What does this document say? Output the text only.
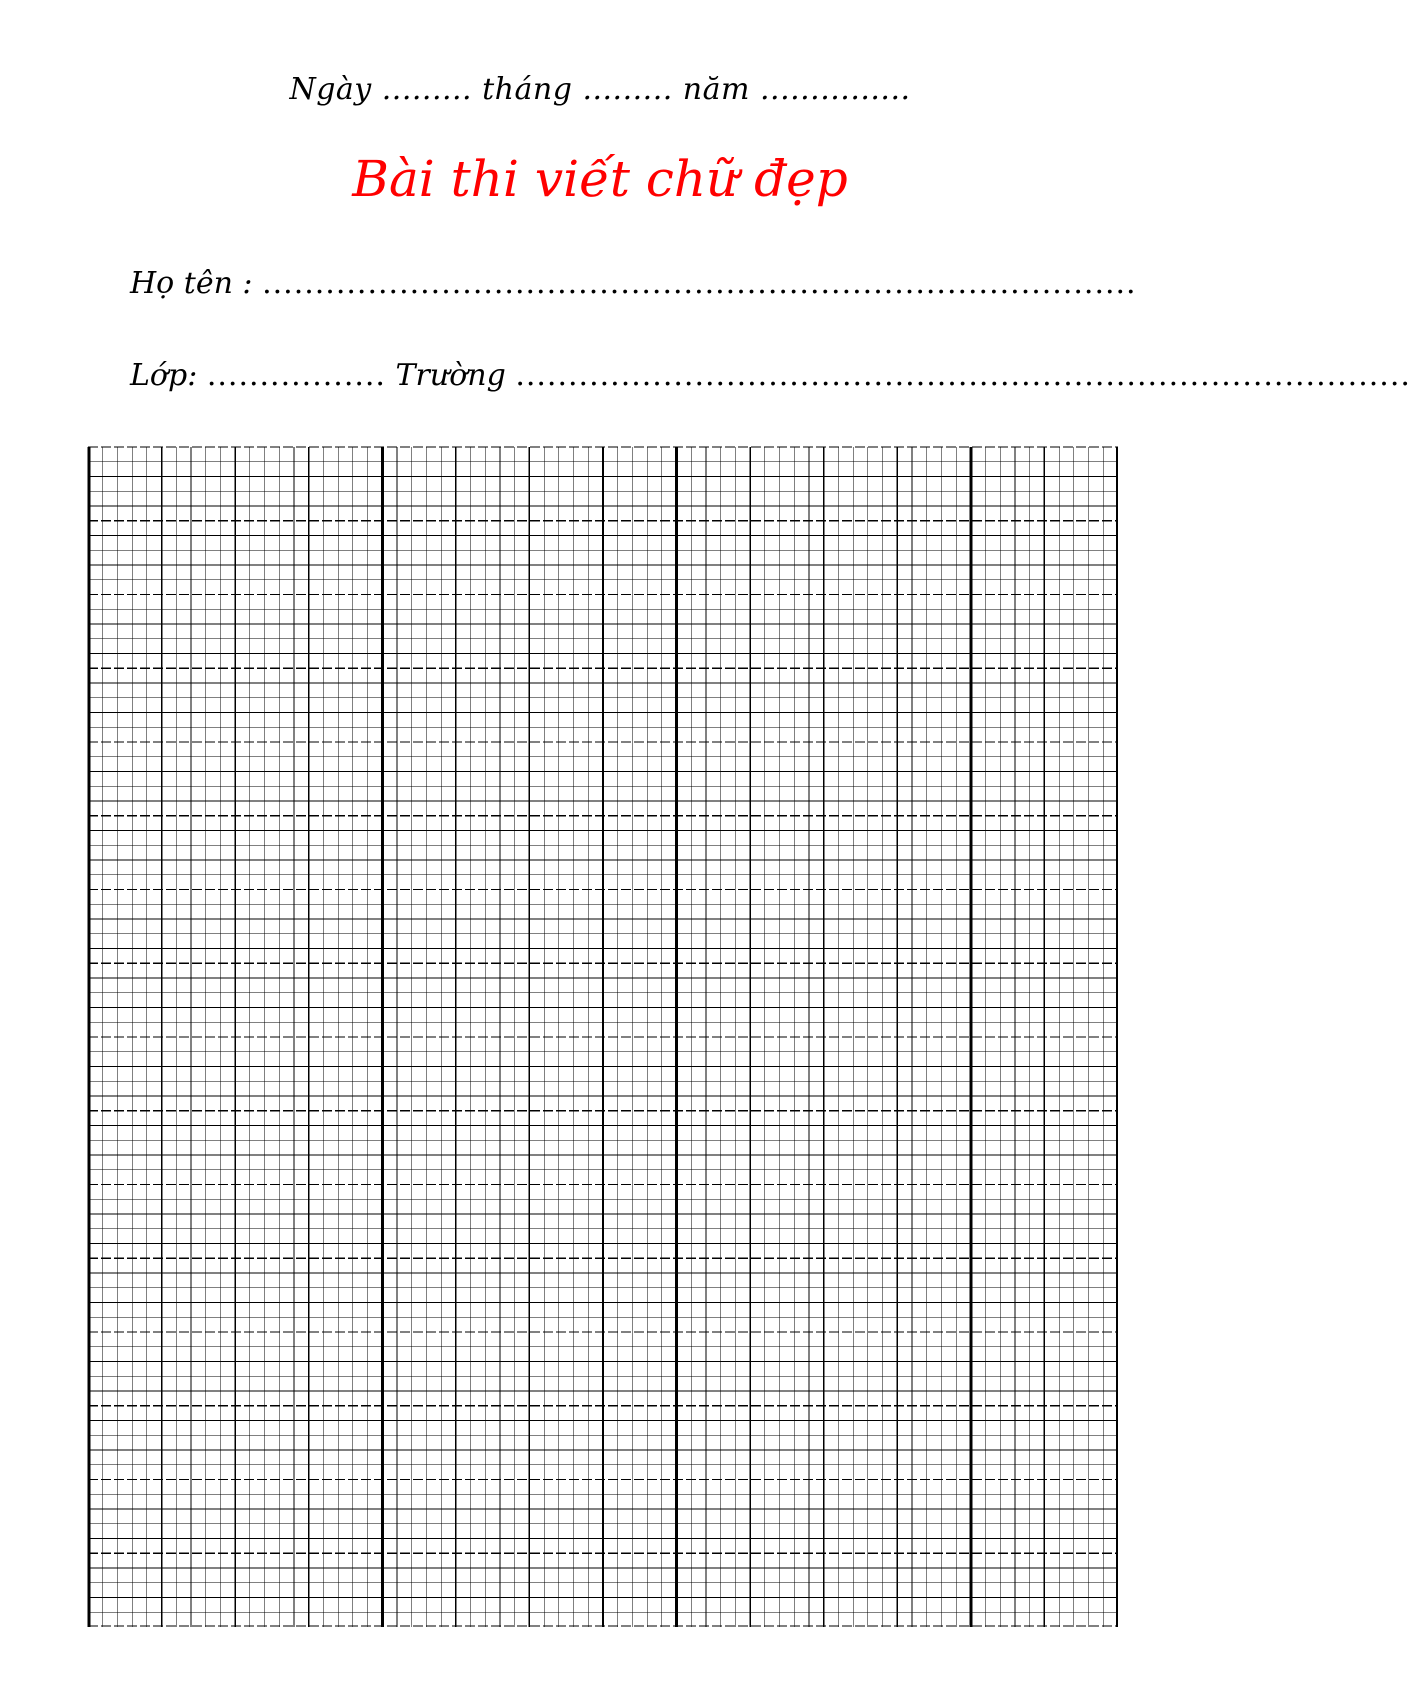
Ngày ......... tháng ......... năm ...............
Bài thi viết chữ đẹp
Họ tên : ...................................................................................
Lớp: ................. Trường .....................................................................................
